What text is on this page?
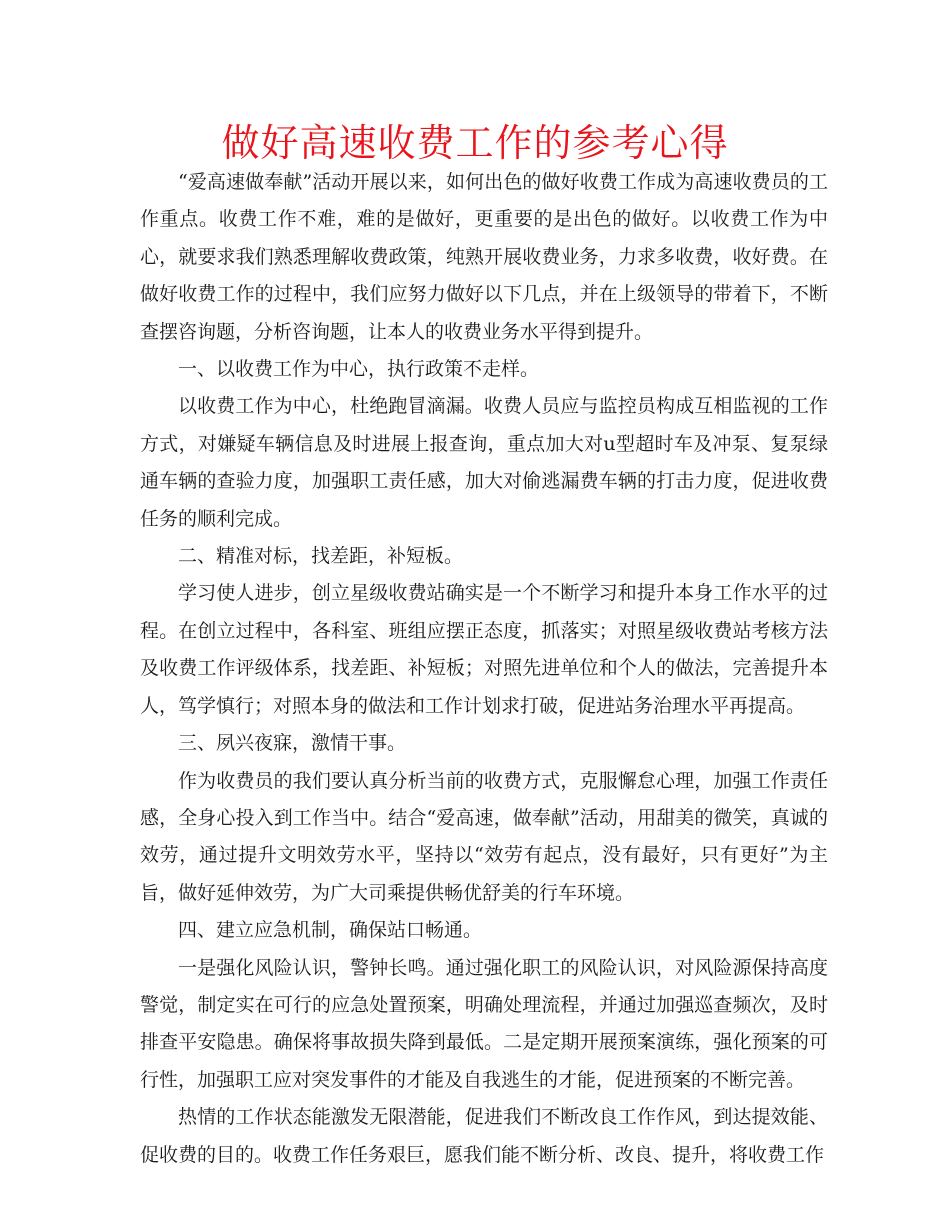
做好高速收费工作的参考心得

“爱高速做奉献”活动开展以来，如何出色的做好收费工作成为高速收费员的工作重点。收费工作不难，难的是做好，更重要的是出色的做好。以收费工作为中心，就要求我们熟悉理解收费政策，纯熟开展收费业务，力求多收费，收好费。在做好收费工作的过程中，我们应努力做好以下几点，并在上级领导的带着下，不断查摆咨询题，分析咨询题，让本人的收费业务水平得到提升。

一、以收费工作为中心，执行政策不走样。

以收费工作为中心，杜绝跑冒滴漏。收费人员应与监控员构成互相监视的工作方式，对嫌疑车辆信息及时进展上报查询，重点加大对u型超时车及冲泵、复泵绿通车辆的查验力度，加强职工责任感，加大对偷逃漏费车辆的打击力度，促进收费任务的顺利完成。

二、精准对标，找差距，补短板。

学习使人进步，创立星级收费站确实是一个不断学习和提升本身工作水平的过程。在创立过程中，各科室、班组应摆正态度，抓落实；对照星级收费站考核方法及收费工作评级体系，找差距、补短板；对照先进单位和个人的做法，完善提升本人，笃学慎行；对照本身的做法和工作计划求打破，促进站务治理水平再提高。

三、夙兴夜寐，激情干事。

作为收费员的我们要认真分析当前的收费方式，克服懈怠心理，加强工作责任感，全身心投入到工作当中。结合“爱高速，做奉献”活动，用甜美的微笑，真诚的效劳，通过提升文明效劳水平，坚持以“效劳有起点，没有最好，只有更好”为主旨，做好延伸效劳，为广大司乘提供畅优舒美的行车环境。

四、建立应急机制，确保站口畅通。

一是强化风险认识，警钟长鸣。通过强化职工的风险认识，对风险源保持高度警觉，制定实在可行的应急处置预案，明确处理流程，并通过加强巡查频次，及时排查平安隐患。确保将事故损失降到最低。二是定期开展预案演练，强化预案的可行性，加强职工应对突发事件的才能及自我逃生的才能，促进预案的不断完善。

热情的工作状态能激发无限潜能，促进我们不断改良工作作风，到达提效能、促收费的目的。收费工作任务艰巨，愿我们能不断分析、改良、提升，将收费工作
